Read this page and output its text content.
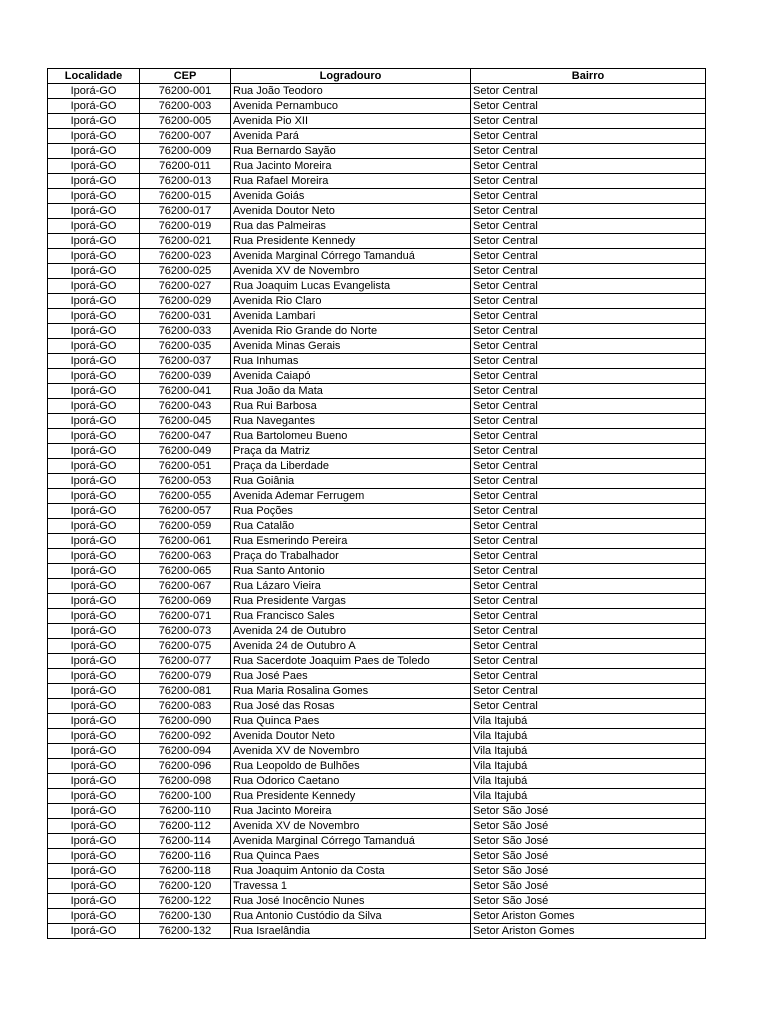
Localidade	CEP	Logradouro	Bairro
Iporá-GO	76200-001	Rua João Teodoro	Setor Central
Iporá-GO	76200-003	Avenida Pernambuco	Setor Central
Iporá-GO	76200-005	Avenida Pio XII	Setor Central
Iporá-GO	76200-007	Avenida Pará	Setor Central
Iporá-GO	76200-009	Rua Bernardo Sayão	Setor Central
Iporá-GO	76200-011	Rua Jacinto Moreira	Setor Central
Iporá-GO	76200-013	Rua Rafael Moreira	Setor Central
Iporá-GO	76200-015	Avenida Goiás	Setor Central
Iporá-GO	76200-017	Avenida Doutor Neto	Setor Central
Iporá-GO	76200-019	Rua das Palmeiras	Setor Central
Iporá-GO	76200-021	Rua Presidente Kennedy	Setor Central
Iporá-GO	76200-023	Avenida Marginal Córrego Tamanduá	Setor Central
Iporá-GO	76200-025	Avenida XV de Novembro	Setor Central
Iporá-GO	76200-027	Rua Joaquim Lucas Evangelista	Setor Central
Iporá-GO	76200-029	Avenida Rio Claro	Setor Central
Iporá-GO	76200-031	Avenida Lambari	Setor Central
Iporá-GO	76200-033	Avenida Rio Grande do Norte	Setor Central
Iporá-GO	76200-035	Avenida Minas Gerais	Setor Central
Iporá-GO	76200-037	Rua Inhumas	Setor Central
Iporá-GO	76200-039	Avenida Caiapó	Setor Central
Iporá-GO	76200-041	Rua João da Mata	Setor Central
Iporá-GO	76200-043	Rua Rui Barbosa	Setor Central
Iporá-GO	76200-045	Rua Navegantes	Setor Central
Iporá-GO	76200-047	Rua Bartolomeu Bueno	Setor Central
Iporá-GO	76200-049	Praça da Matriz	Setor Central
Iporá-GO	76200-051	Praça da Liberdade	Setor Central
Iporá-GO	76200-053	Rua Goiânia	Setor Central
Iporá-GO	76200-055	Avenida Ademar Ferrugem	Setor Central
Iporá-GO	76200-057	Rua Poções	Setor Central
Iporá-GO	76200-059	Rua Catalão	Setor Central
Iporá-GO	76200-061	Rua Esmerindo Pereira	Setor Central
Iporá-GO	76200-063	Praça do Trabalhador	Setor Central
Iporá-GO	76200-065	Rua Santo Antonio	Setor Central
Iporá-GO	76200-067	Rua Lázaro Vieira	Setor Central
Iporá-GO	76200-069	Rua Presidente Vargas	Setor Central
Iporá-GO	76200-071	Rua Francisco Sales	Setor Central
Iporá-GO	76200-073	Avenida 24 de Outubro	Setor Central
Iporá-GO	76200-075	Avenida 24 de Outubro A	Setor Central
Iporá-GO	76200-077	Rua Sacerdote Joaquim Paes de Toledo	Setor Central
Iporá-GO	76200-079	Rua José Paes	Setor Central
Iporá-GO	76200-081	Rua Maria Rosalina Gomes	Setor Central
Iporá-GO	76200-083	Rua José das Rosas	Setor Central
Iporá-GO	76200-090	Rua Quinca Paes	Vila Itajubá
Iporá-GO	76200-092	Avenida Doutor Neto	Vila Itajubá
Iporá-GO	76200-094	Avenida XV de Novembro	Vila Itajubá
Iporá-GO	76200-096	Rua Leopoldo de Bulhões	Vila Itajubá
Iporá-GO	76200-098	Rua Odorico Caetano	Vila Itajubá
Iporá-GO	76200-100	Rua Presidente Kennedy	Vila Itajubá
Iporá-GO	76200-110	Rua Jacinto Moreira	Setor São José
Iporá-GO	76200-112	Avenida XV de Novembro	Setor São José
Iporá-GO	76200-114	Avenida Marginal Córrego Tamanduá	Setor São José
Iporá-GO	76200-116	Rua Quinca Paes	Setor São José
Iporá-GO	76200-118	Rua Joaquim Antonio da Costa	Setor São José
Iporá-GO	76200-120	Travessa 1	Setor São José
Iporá-GO	76200-122	Rua José Inocêncio Nunes	Setor São José
Iporá-GO	76200-130	Rua Antonio Custódio da Silva	Setor Ariston Gomes
Iporá-GO	76200-132	Rua Israelândia	Setor Ariston Gomes
